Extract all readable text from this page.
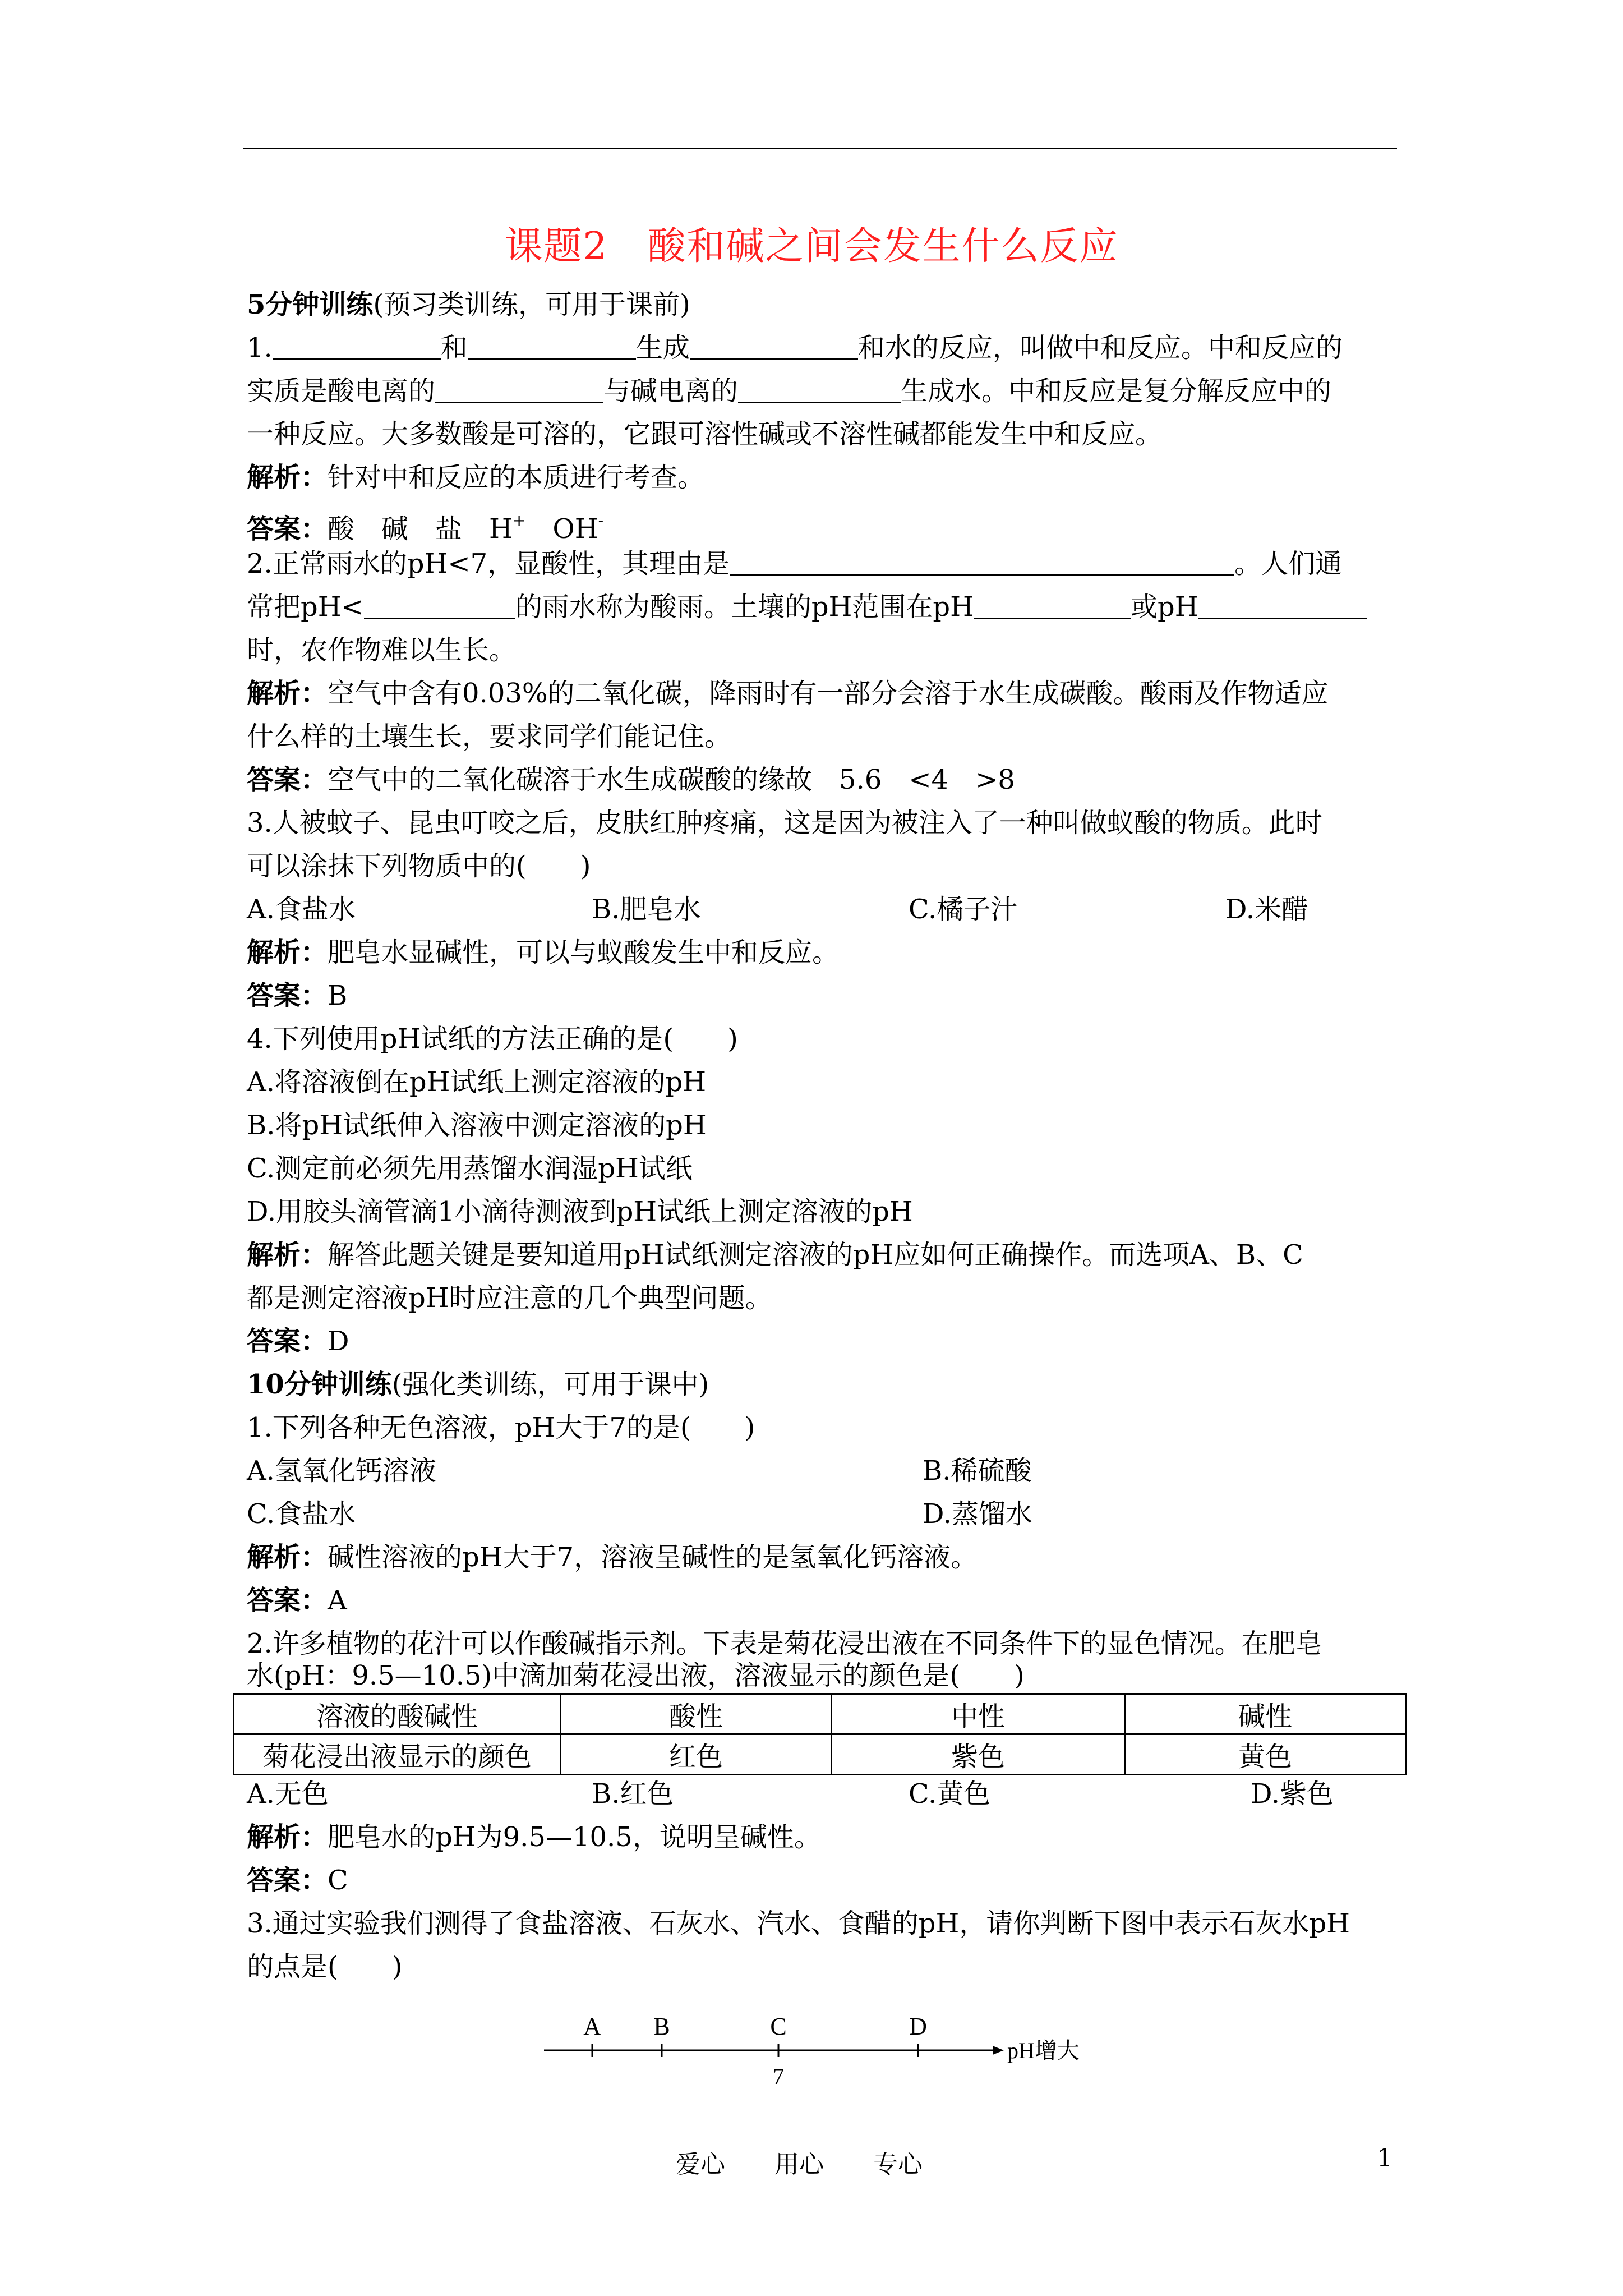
课题2　酸和碱之间会发生什么反应
5分钟训练(预习类训练，可用于课前)
1.	和	生成	和水的反应，叫做中和反应。中和反应的
实质是酸电离的	与碱电离的	生成水。中和反应是复分解反应中的
一种反应。大多数酸是可溶的，它跟可溶性碱或不溶性碱都能发生中和反应。
解析：针对中和反应的本质进行考查。
答案：酸　碱　盐　H+　OH-
2.正常雨水的pH<7，显酸性，其理由是	。人们通
常把pH<	的雨水称为酸雨。土壤的pH范围在pH	或pH
时，农作物难以生长。
解析：空气中含有0.03%的二氧化碳，降雨时有一部分会溶于水生成碳酸。酸雨及作物适应
什么样的土壤生长，要求同学们能记住。
答案：空气中的二氧化碳溶于水生成碳酸的缘故　5.6　<4　>8
3.人被蚊子、昆虫叮咬之后，皮肤红肿疼痛，这是因为被注入了一种叫做蚁酸的物质。此时
可以涂抹下列物质中的(　　)
A.食盐水	B.肥皂水	C.橘子汁	D.米醋
解析：肥皂水显碱性，可以与蚁酸发生中和反应。
答案：B
4.下列使用pH试纸的方法正确的是(　　)
A.将溶液倒在pH试纸上测定溶液的pH
B.将pH试纸伸入溶液中测定溶液的pH
C.测定前必须先用蒸馏水润湿pH试纸
D.用胶头滴管滴1小滴待测液到pH试纸上测定溶液的pH
解析：解答此题关键是要知道用pH试纸测定溶液的pH应如何正确操作。而选项A、B、C
都是测定溶液pH时应注意的几个典型问题。
答案：D
10分钟训练(强化类训练，可用于课中)
1.下列各种无色溶液，pH大于7的是(　　)
A.氢氧化钙溶液	B.稀硫酸
C.食盐水	D.蒸馏水
解析：碱性溶液的pH大于7，溶液呈碱性的是氢氧化钙溶液。
答案：A
2.许多植物的花汁可以作酸碱指示剂。下表是菊花浸出液在不同条件下的显色情况。在肥皂
水(pH：9.5—10.5)中滴加菊花浸出液，溶液显示的颜色是(　　)
溶液的酸碱性	酸性	中性	碱性
菊花浸出液显示的颜色	红色	紫色	黄色
A.无色	B.红色	C.黄色	D.紫色
解析：肥皂水的pH为9.5—10.5，说明呈碱性。
答案：C
3.通过实验我们测得了食盐溶液、石灰水、汽水、食醋的pH，请你判断下图中表示石灰水pH
的点是(　　)
A B	C	D
7
pH增大
爱心　　用心　　专心	1
